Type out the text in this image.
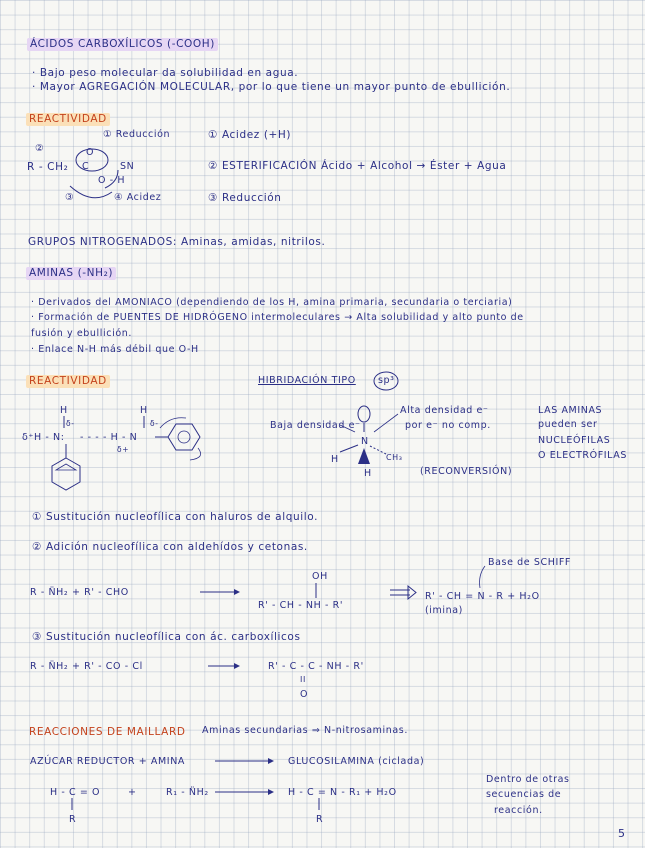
ÁCIDOS CARBOXÍLICOS (-COOH)
· Bajo peso molecular da solubilidad en agua.
· Mayor AGREGACIÓN MOLECULAR, por lo que tiene un mayor punto de ebullición.
REACTIVIDAD
① Reducción
②
R - CH₂
O
C	SN
O - H
③	④ Acidez
① Acidez (+H)
② ESTERIFICACIÓN Ácido + Alcohol → Éster + Agua
③ Reducción
GRUPOS NITROGENADOS: Aminas, amidas, nitrilos.
AMINAS (-NH₂)
· Derivados del AMONIACO (dependiendo de los H, amina primaria, secundaria o terciaria)
· Formación de PUENTES DE HIDRÓGENO intermoleculares → Alta solubilidad y alto punto de
fusión y ebullición.
· Enlace N-H más débil que O-H
REACTIVIDAD	HIBRIDACIÓN TIPO sp³
H	H
δ-	δ-
δ⁺H - N: - - - - H - N
δ+
Baja densidad e⁻
Alta densidad e⁻
por e⁻ no comp.
N
H	CH₃
H	(RECONVERSIÓN)
LAS AMINAS
pueden ser
NUCLEÓFILAS
O ELECTRÓFILAS
① Sustitución nucleofílica con haluros de alquilo.
② Adición nucleofílica con aldehídos y cetonas.
Base de SCHIFF
OH
R - N̈H₂ + R' - CHO
R' - CH - NH - R'
R' - CH = N - R + H₂O
(imina)
③ Sustitución nucleofílica con ác. carboxílicos
R - N̈H₂ + R' - CO - Cl	R' - C - C - NH - R'
II
O
REACCIONES DE MAILLARD	Aminas secundarias ⇒ N-nitrosaminas.
AZÚCAR REDUCTOR + AMINA	GLUCOSILAMINA (ciclada)
H - C = O	+	R₁ - N̈H₂	H - C = N - R₁ + H₂O
R	R
Dentro de otras
secuencias de
reacción.
5
